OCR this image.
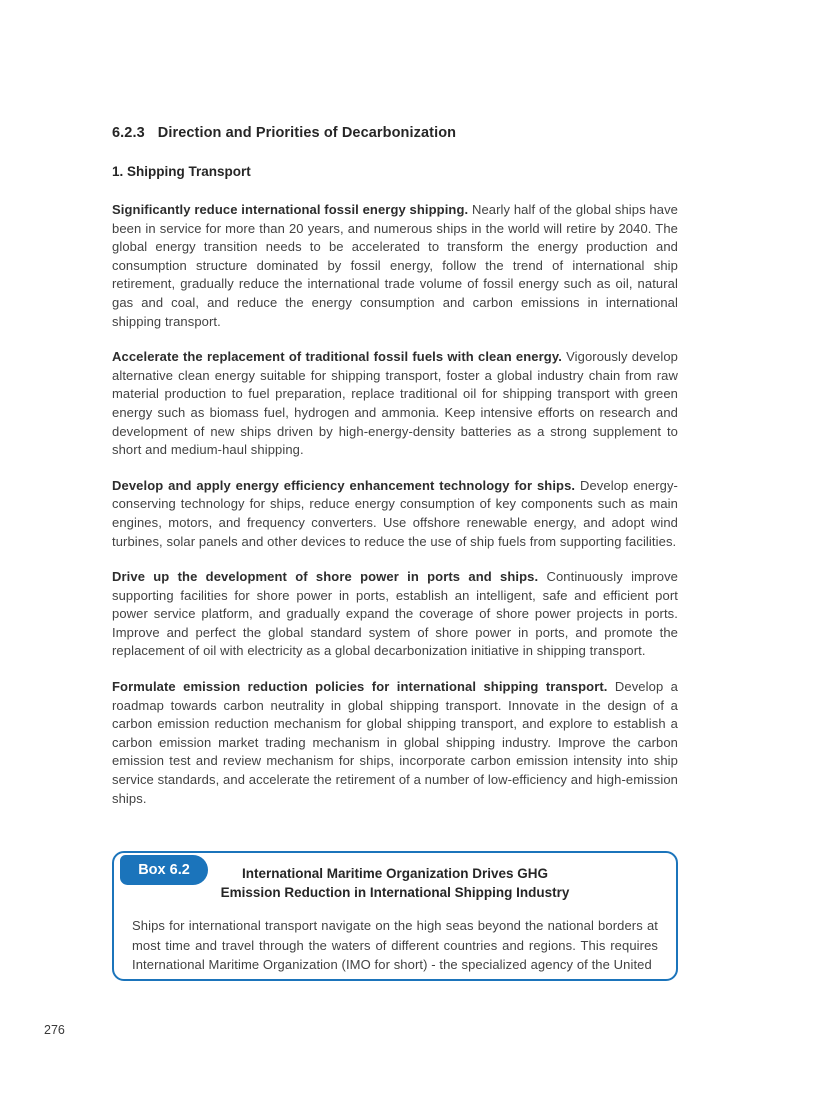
6.2.3 Direction and Priorities of Decarbonization
1. Shipping Transport

Significantly reduce international fossil energy shipping. Nearly half of the global ships have been in service for more than 20 years, and numerous ships in the world will retire by 2040. The global energy transition needs to be accelerated to transform the energy production and consumption structure dominated by fossil energy, follow the trend of international ship retirement, gradually reduce the international trade volume of fossil energy such as oil, natural gas and coal, and reduce the energy consumption and carbon emissions in international shipping transport.

Accelerate the replacement of traditional fossil fuels with clean energy. Vigorously develop alternative clean energy suitable for shipping transport, foster a global industry chain from raw material production to fuel preparation, replace traditional oil for shipping transport with green energy such as biomass fuel, hydrogen and ammonia. Keep intensive efforts on research and development of new ships driven by high-energy-density batteries as a strong supplement to short and medium-haul shipping.

Develop and apply energy efficiency enhancement technology for ships. Develop energy-conserving technology for ships, reduce energy consumption of key components such as main engines, motors, and frequency converters. Use offshore renewable energy, and adopt wind turbines, solar panels and other devices to reduce the use of ship fuels from supporting facilities.

Drive up the development of shore power in ports and ships. Continuously improve supporting facilities for shore power in ports, establish an intelligent, safe and efficient port power service platform, and gradually expand the coverage of shore power projects in ports. Improve and perfect the global standard system of shore power in ports, and promote the replacement of oil with electricity as a global decarbonization initiative in shipping transport.

Formulate emission reduction policies for international shipping transport. Develop a roadmap towards carbon neutrality in global shipping transport. Innovate in the design of a carbon emission reduction mechanism for global shipping transport, and explore to establish a carbon emission market trading mechanism in global shipping industry. Improve the carbon emission test and review mechanism for ships, incorporate carbon emission intensity into ship service standards, and accelerate the retirement of a number of low-efficiency and high-emission ships.

Box 6.2	International Maritime Organization Drives GHG
Emission Reduction in International Shipping Industry

Ships for international transport navigate on the high seas beyond the national borders at most time and travel through the waters of different countries and regions. This requires International Maritime Organization (IMO for short) - the specialized agency of the United

276
